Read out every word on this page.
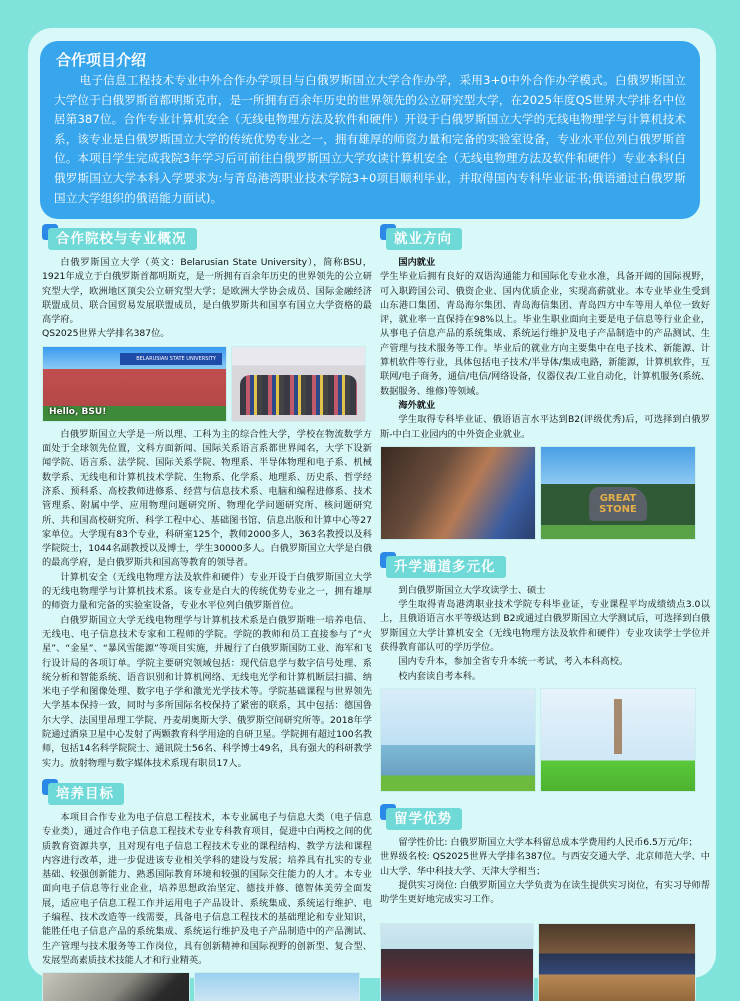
合作项目介绍

电子信息工程技术专业中外合作办学项目与白俄罗斯国立大学合作办学，采用3+0中外合作办学模式。白俄罗斯国立大学位于白俄罗斯首都明斯克市，是一所拥有百余年历史的世界领先的公立研究型大学，在2025年度QS世界大学排名中位居第387位。合作专业计算机安全（无线电物理方法及软件和硬件）开设于白俄罗斯国立大学的无线电物理学与计算机技术系，该专业是白俄罗斯国立大学的传统优势专业之一，拥有雄厚的师资力量和完备的实验室设备，专业水平位列白俄罗斯首位。本项目学生完成我院3年学习后可前往白俄罗斯国立大学攻读计算机安全（无线电物理方法及软件和硬件）专业本科(白俄罗斯国立大学本科入学要求为:与青岛港湾职业技术学院3+0项目顺利毕业，并取得国内专科毕业证书;俄语通过白俄罗斯国立大学组织的俄语能力面试)。

合作院校与专业概况

白俄罗斯国立大学（英文：Belarusian State University），简称BSU，1921年成立于白俄罗斯首都明斯克，是一所拥有百余年历史的世界领先的公立研究型大学，欧洲地区顶尖公立研究型大学；是欧洲大学协会成员、国际金融经济联盟成员、联合国贸易发展联盟成员，是白俄罗斯共和国享有国立大学资格的最高学府。

QS2025世界大学排名387位。

BELARUSIAN STATE UNIVERSITY
Hello, BSU!

白俄罗斯国立大学是一所以理、工科为主的综合性大学，学校在物流数学方面处于全球领先位置，文科方面新闻、国际关系语言系都世界闻名，大学下设新闻学院、语言系、法学院、国际关系学院、物理系、半导体物理和电子系、机械数学系、无线电和计算机技术学院、生物系、化学系、地理系、历史系、哲学经济系、预科系、高校教师进修系、经营与信息技术系、电脑和编程进修系、技术管理系、附属中学、应用物理问题研究所、物理化学问题研究所、核问题研究所、共和国高校研究所、科学工程中心、基础图书馆、信息出版和计算中心等27家单位。大学现有83个专业，科研室125个，教师2000多人，363名教授以及科学院院士，1044名副教授以及博士，学生30000多人。白俄罗斯国立大学是白俄的最高学府，是白俄罗斯共和国高等教育的领导者。

计算机安全（无线电物理方法及软件和硬件）专业开设于白俄罗斯国立大学的无线电物理学与计算机技术系。该专业是白大的传统优势专业之一，拥有雄厚的师资力量和完备的实验室设备，专业水平位列白俄罗斯首位。

白俄罗斯国立大学无线电物理学与计算机技术系是白俄罗斯唯一培养电信、无线电、电子信息技术专家和工程师的学院。学院的教师和员工直接参与了“火星”、“金星”、“暴风雪能源”等项目实施，并履行了白俄罗斯国防工业、海军和飞行设计局的各项订单。学院主要研究领域包括：现代信息学与数字信号处理、系统分析和智能系统、语音识别和计算机网络、无线电光学和计算机断层扫描、纳米电子学和图像处理、数字电子学和激光光学技术等。学院基础课程与世界领先大学基本保持一致，同时与多所国际名校保持了紧密的联系，其中包括：德国鲁尔大学、法国里昂理工学院、丹麦胡奥斯大学、俄罗斯空间研究所等。2018年学院通过酒泉卫星中心发射了两颗教育科学用途的自研卫星。学院拥有超过100名教师，包括14名科学院院士、通讯院士56名、科学博士49名，具有强大的科研教学实力。放射物理与数字媒体技术系现有职员17人。

培养目标

本项目合作专业为电子信息工程技术，本专业属电子与信息大类（电子信息专业类），通过合作电子信息工程技术专业专科教育项目，促进中白两校之间的优质教育资源共享，且对现有电子信息工程技术专业的课程结构、教学方法和课程内容进行改革，进一步促进该专业相关学科的建设与发展；培养具有扎实的专业基础、较强创新能力、熟悉国际教育环境和较强的国际交往能力的人才。本专业面向电子信息等行业企业，培养思想政治坚定、德技并修、德智体美劳全面发展，适应电子信息工程工作并运用电子产品设计、系统集成、系统运行维护、电子编程、技术改造等一线需要，具备电子信息工程技术的基础理论和专业知识，能胜任电子信息产品的系统集成、系统运行维护及电子产品制造中的产品测试、生产管理与技术服务等工作岗位，具有创新精神和国际视野的创新型、复合型、发展型高素质技术技能人才和行业精英。

就业方向

国内就业

学生毕业后拥有良好的双语沟通能力和国际化专业水准，具备开阔的国际视野，可入职跨国公司、俄资企业、国内优质企业，实现高薪就业。本专业毕业生受到山东港口集团、青岛海尔集团、青岛海信集团、青岛四方中车等用人单位一致好评，就业率一直保持在98%以上。毕业生职业面向主要是电子信息等行业企业，从事电子信息产品的系统集成、系统运行维护及电子产品制造中的产品测试、生产管理与技术服务等工作。毕业后的就业方向主要集中在电子技术、新能源、计算机软件等行业，具体包括电子技术/半导体/集成电路，新能源，计算机软件，互联网/电子商务，通信/电信/网络设备，仪器仪表/工业自动化，计算机服务(系统、数据服务、维修)等领域。

海外就业

学生取得专科毕业证、俄语语言水平达到B2(评级优秀)后，可选择到白俄罗斯-中白工业园内的中外资企业就业。

GREAT STONE
升学通道多元化

到白俄罗斯国立大学攻读学士、硕士

学生取得青岛港湾职业技术学院专科毕业证，专业课程平均成绩绩点3.0以上，且俄语语言水平等级达到 B2或通过白俄罗斯国立大学测试后，可选择到白俄罗斯国立大学计算机安全（无线电物理方法及软件和硬件）专业攻读学士学位并获得教育部认可的学历学位。

国内专升本，参加全省专升本统一考试，考入本科高校。

校内套读自考本科。

留学优势

留学性价比: 白俄罗斯国立大学本科留总成本学费用约人民币6.5万元/年；

世界级名校: QS2025世界大学排名387位。与西安交通大学、北京师范大学、中山大学、华中科技大学、天津大学相当；

提供实习岗位: 白俄罗斯国立大学负责为在读生提供实习岗位，有实习导师帮助学生更好地完成实习工作。
